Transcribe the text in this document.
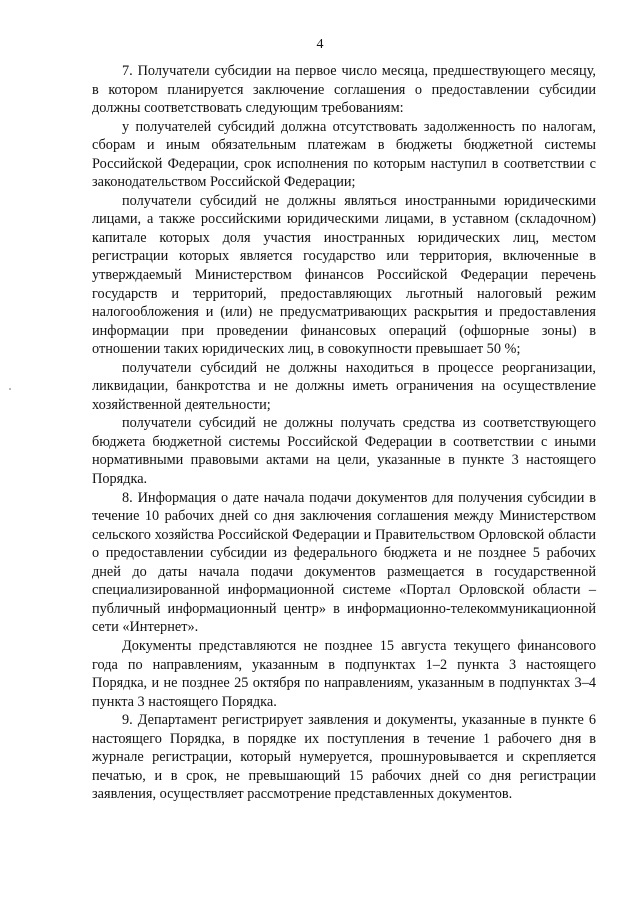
4

7. Получатели субсидии на первое число месяца, предшествующего месяцу, в котором планируется заключение соглашения о предоставлении субсидии должны соответствовать следующим требованиям:

у получателей субсидий должна отсутствовать задолженность по налогам, сборам и иным обязательным платежам в бюджеты бюджетной системы Российской Федерации, срок исполнения по которым наступил в соответствии с законодательством Российской Федерации;

получатели субсидий не должны являться иностранными юридическими лицами, а также российскими юридическими лицами, в уставном (складочном) капитале которых доля участия иностранных юридических лиц, местом регистрации которых является государство или территория, включенные в утверждаемый Министерством финансов Российской Федерации перечень государств и территорий, предоставляющих льготный налоговый режим налогообложения и (или) не предусматривающих раскрытия и предоставления информации при проведении финансовых операций (офшорные зоны) в отношении таких юридических лиц, в совокупности превышает 50 %;

получатели субсидий не должны находиться в процессе реорганизации, ликвидации, банкротства и не должны иметь ограничения на осуществление хозяйственной деятельности;

получатели субсидий не должны получать средства из соответствующего бюджета бюджетной системы Российской Федерации в соответствии с иными нормативными правовыми актами на цели, указанные в пункте 3 настоящего Порядка.

8. Информация о дате начала подачи документов для получения субсидии в течение 10 рабочих дней со дня заключения соглашения между Министерством сельского хозяйства Российской Федерации и Правительством Орловской области о предоставлении субсидии из федерального бюджета и не позднее 5 рабочих дней до даты начала подачи документов размещается в государственной специализированной информационной системе «Портал Орловской области – публичный информационный центр» в информационно-телекоммуникационной сети «Интернет».

Документы представляются не позднее 15 августа текущего финансового года по направлениям, указанным в подпунктах 1–2 пункта 3 настоящего Порядка, и не позднее 25 октября по направлениям, указанным в подпунктах 3–4 пункта 3 настоящего Порядка.

9. Департамент регистрирует заявления и документы, указанные в пункте 6 настоящего Порядка, в порядке их поступления в течение 1 рабочего дня в журнале регистрации, который нумеруется, прошнуровывается и скрепляется печатью, и в срок, не превышающий 15 рабочих дней со дня регистрации заявления, осуществляет рассмотрение представленных документов.
